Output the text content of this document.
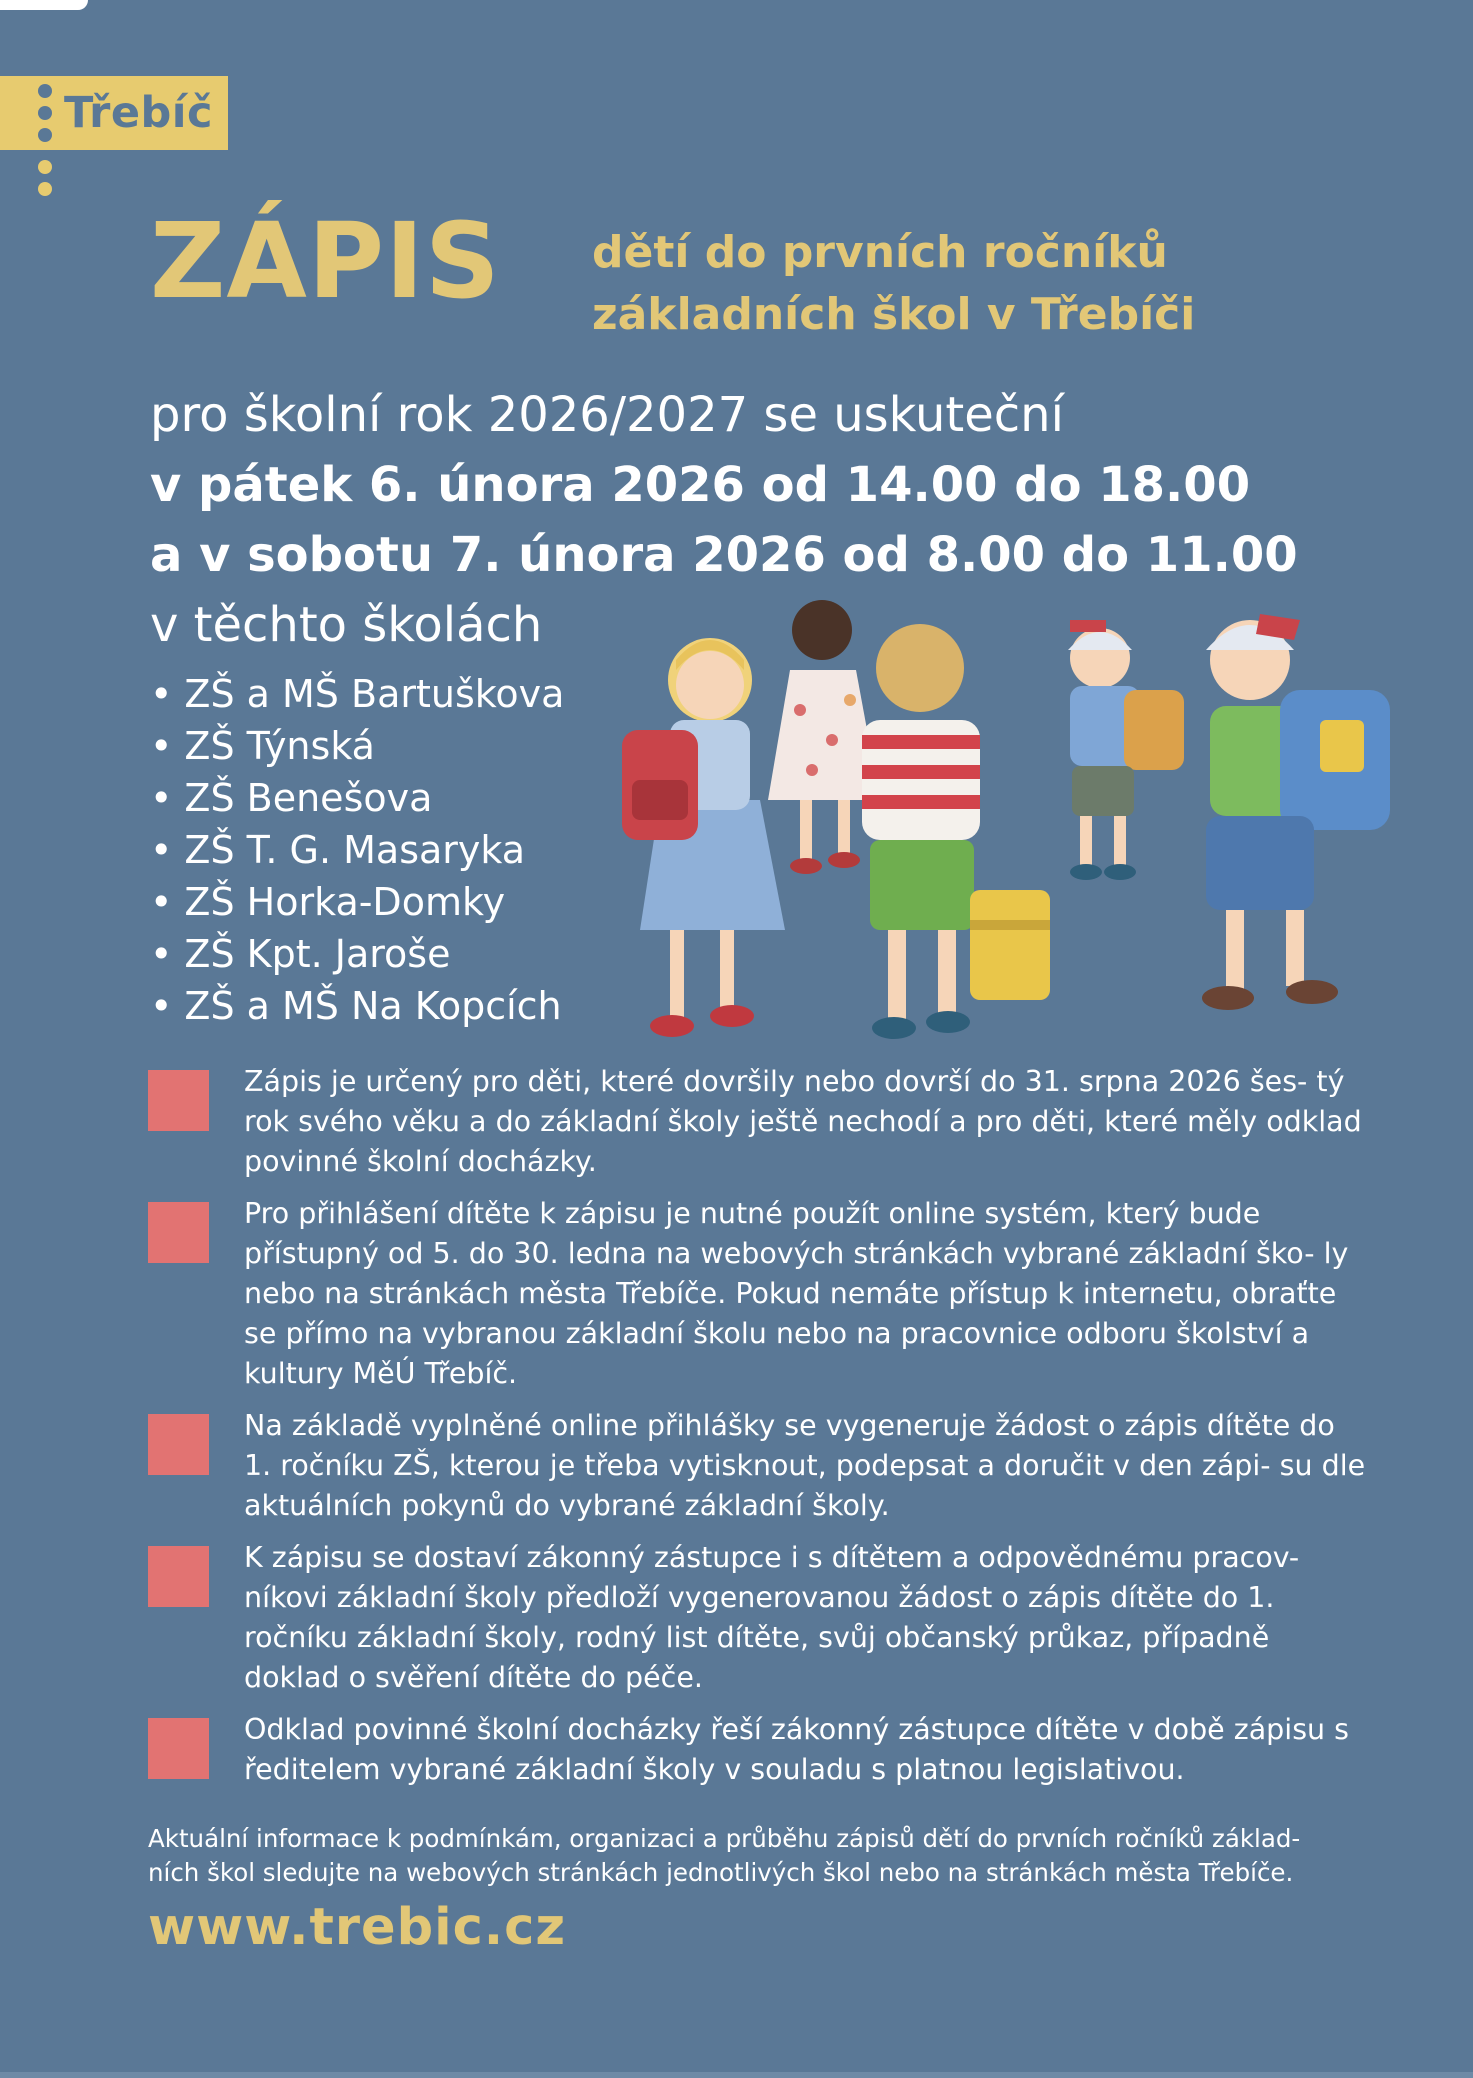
Třebíč
ZÁPIS dětí do prvních ročníků
základních škol v Třebíči
pro školní rok 2026/2027 se uskuteční
v pátek 6. února 2026 od 14.00 do 18.00
a v sobotu 7. února 2026 od 8.00 do 11.00
v těchto školách
• ZŠ a MŠ Bartuškova
• ZŠ Týnská
• ZŠ Benešova
• ZŠ T. G. Masaryka
• ZŠ Horka-Domky
• ZŠ Kpt. Jaroše
• ZŠ a MŠ Na Kopcích

Zápis je určený pro děti, které dovršily nebo dovrší do 31. srpna 2026 šes- tý rok svého věku a do základní školy ještě nechodí a pro děti, které měly odklad povinné školní docházky.

Pro přihlášení dítěte k zápisu je nutné použít online systém, který bude přístupný od 5. do 30. ledna na webových stránkách vybrané základní ško- ly nebo na stránkách města Třebíče. Pokud nemáte přístup k internetu, obraťte se přímo na vybranou základní školu nebo na pracovnice odboru školství a kultury MěÚ Třebíč.

Na základě vyplněné online přihlášky se vygeneruje žádost o zápis dítěte do 1. ročníku ZŠ, kterou je třeba vytisknout, podepsat a doručit v den zápi- su dle aktuálních pokynů do vybrané základní školy.

K zápisu se dostaví zákonný zástupce i s dítětem a odpovědnému pracov- níkovi základní školy předloží vygenerovanou žádost o zápis dítěte do 1. ročníku základní školy, rodný list dítěte, svůj občanský průkaz, případně doklad o svěření dítěte do péče.

Odklad povinné školní docházky řeší zákonný zástupce dítěte v době zápisu s ředitelem vybrané základní školy v souladu s platnou legislativou.

Aktuální informace k podmínkám, organizaci a průběhu zápisů dětí do prvních ročníků základ- ních škol sledujte na webových stránkách jednotlivých škol nebo na stránkách města Třebíče.
www.trebic.cz
